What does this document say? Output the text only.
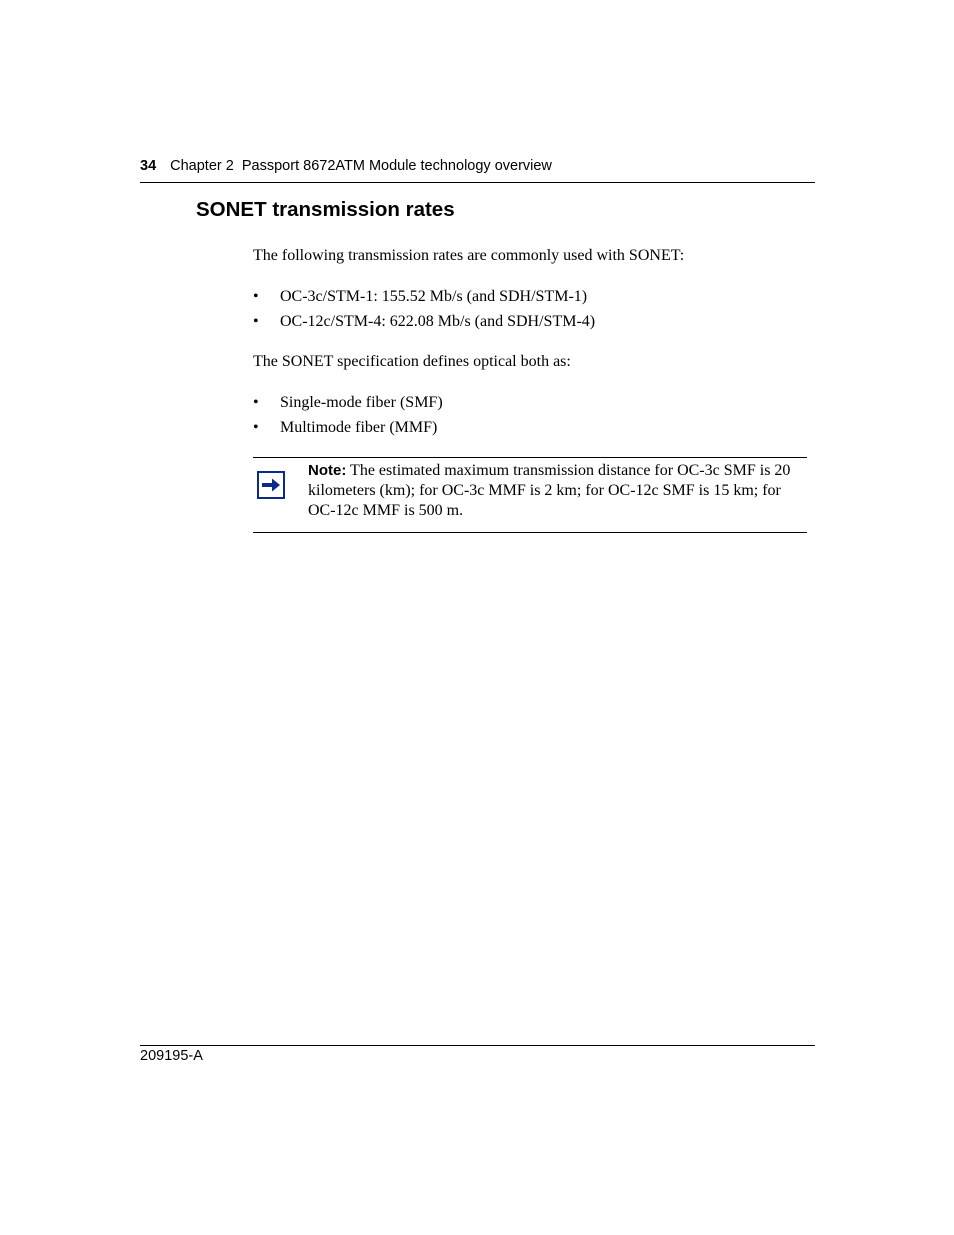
34 Chapter 2  Passport 8672ATM Module technology overview
SONET transmission rates

The following transmission rates are commonly used with SONET:

• OC-3c/STM-1: 155.52 Mb/s (and SDH/STM-1)
• OC-12c/STM-4: 622.08 Mb/s (and SDH/STM-4)

The SONET specification defines optical both as:

• Single-mode fiber (SMF)
• Multimode fiber (MMF)
Note: The estimated maximum transmission distance for OC-3c SMF is 20 kilometers (km); for OC-3c MMF is 2 km; for OC-12c SMF is 15 km; for OC-12c MMF is 500 m.
209195-A
